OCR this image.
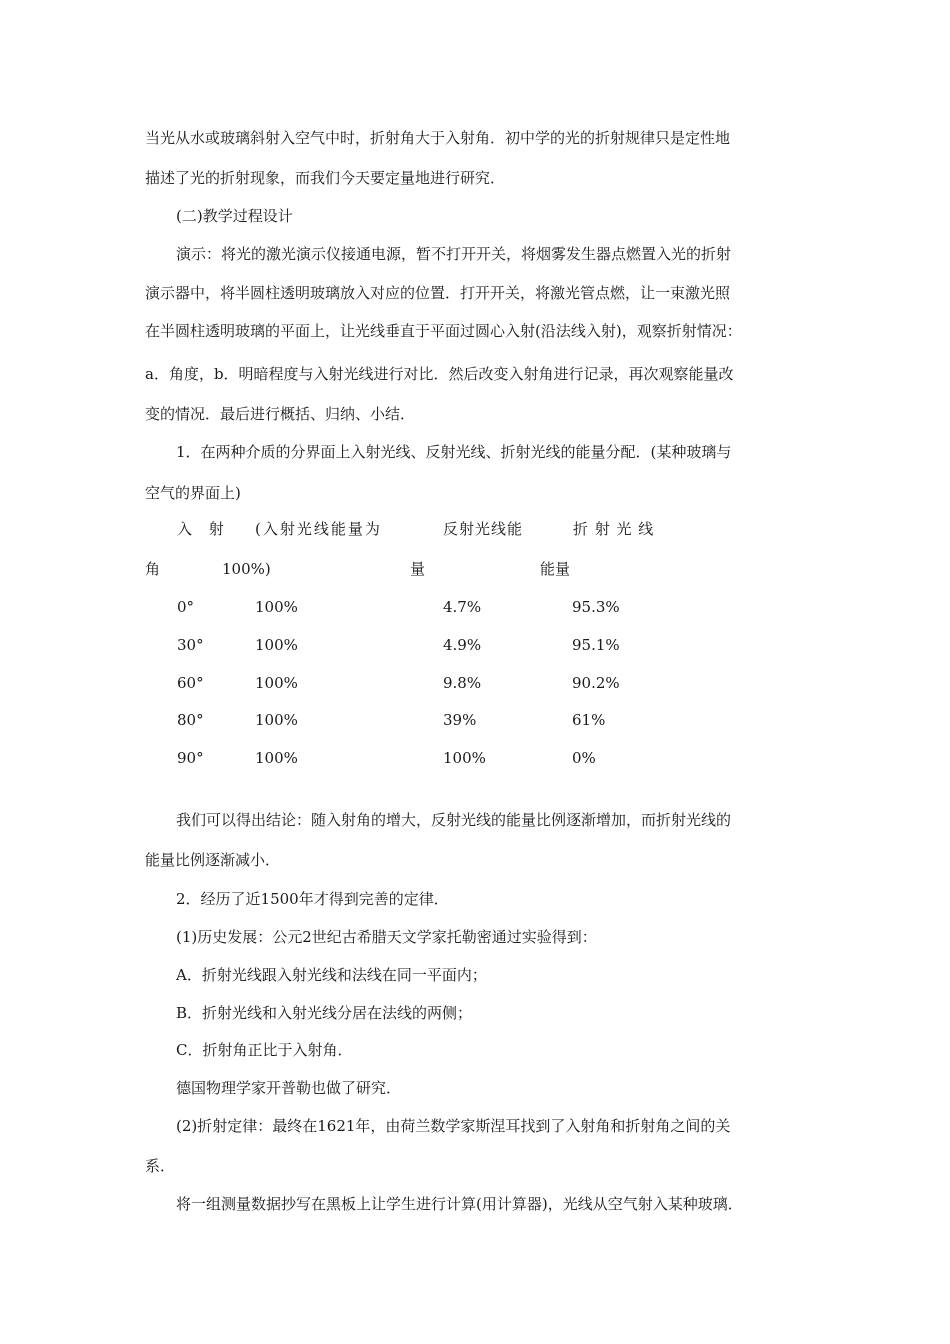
当光从水或玻璃斜射入空气中时，折射角大于入射角．初中学的光的折射规律只是定性地
描述了光的折射现象，而我们今天要定量地进行研究．
(二)教学过程设计
演示：将光的激光演示仪接通电源，暂不打开开关，将烟雾发生器点燃置入光的折射
演示器中，将半圆柱透明玻璃放入对应的位置．打开开关，将激光管点燃，让一束激光照
在半圆柱透明玻璃的平面上，让光线垂直于平面过圆心入射(沿法线入射)，观察折射情况：
a．角度，b．明暗程度与入射光线进行对比．然后改变入射角进行记录，再次观察能量改
变的情况．最后进行概括、归纳、小结．
1．在两种介质的分界面上入射光线、反射光线、折射光线的能量分配．(某种玻璃与
空气的界面上)
入 射 (入射光线能量为	反射光线能	折 射 光 线
角	100%)	量	能量
0°	100%	4.7%	95.3%
30°	100%	4.9%	95.1%
60°	100%	9.8%	90.2%
80°	100%	39%	61%
90°	100%	100%	0%
我们可以得出结论：随入射角的增大，反射光线的能量比例逐渐增加，而折射光线的
能量比例逐渐减小．
2．经历了近1500年才得到完善的定律．
(1)历史发展：公元2世纪古希腊天文学家托勒密通过实验得到：
A．折射光线跟入射光线和法线在同一平面内；
B．折射光线和入射光线分居在法线的两侧；
C．折射角正比于入射角．
德国物理学家开普勒也做了研究．
(2)折射定律：最终在1621年，由荷兰数学家斯涅耳找到了入射角和折射角之间的关
系．
将一组测量数据抄写在黑板上让学生进行计算(用计算器)，光线从空气射入某种玻璃．
